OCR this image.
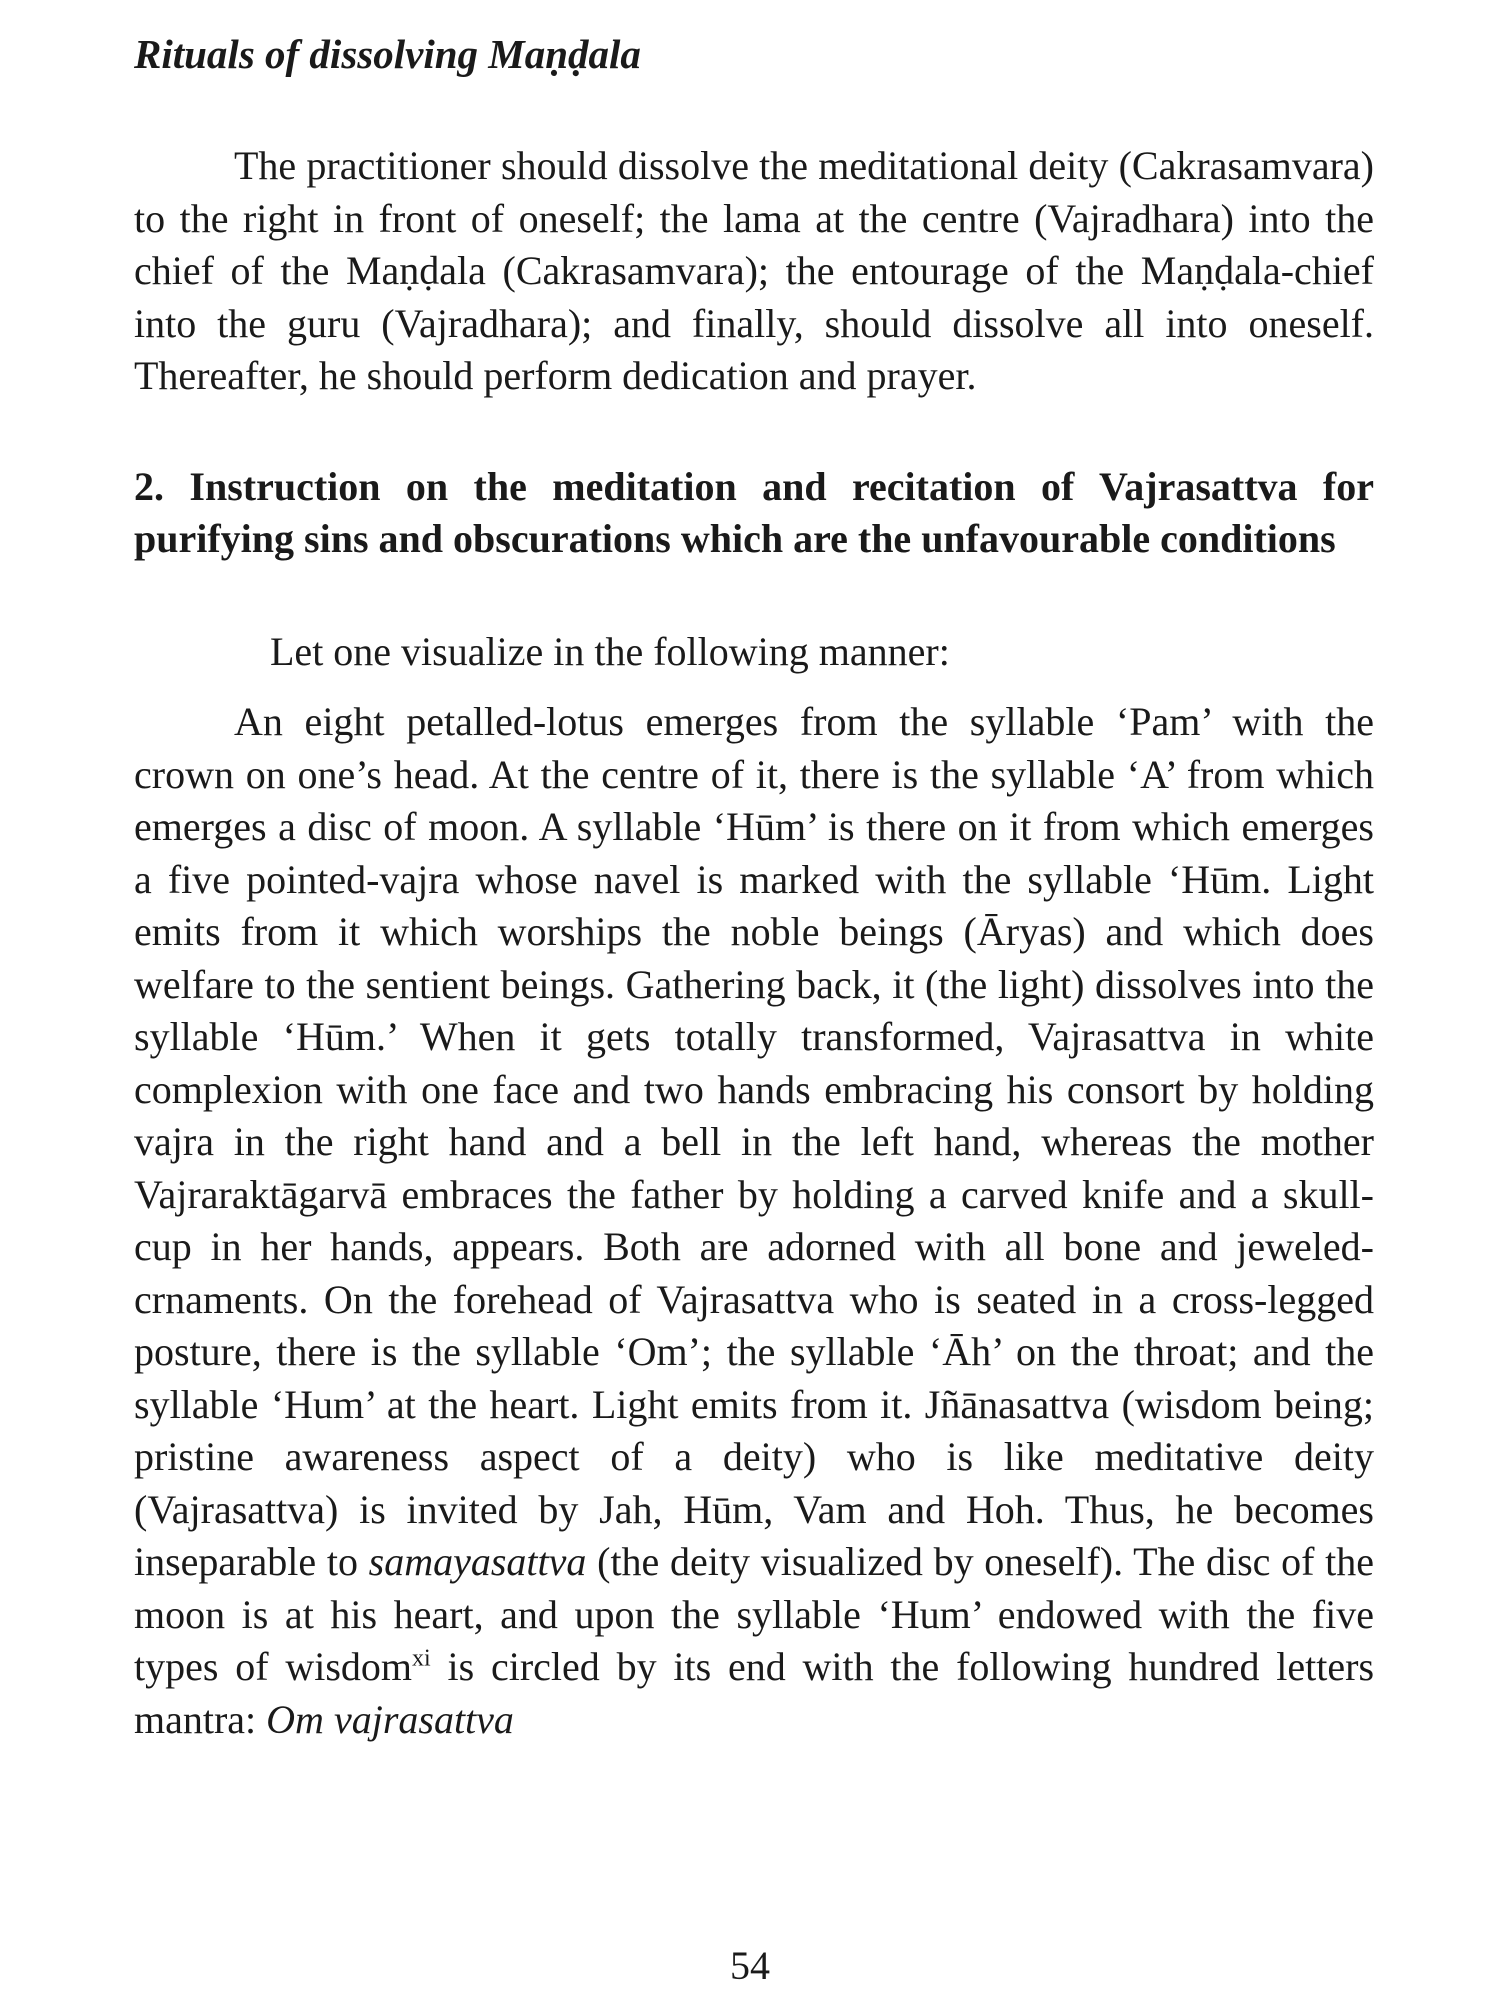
Rituals of dissolving Maṇḍala

The practitioner should dissolve the meditational deity (Cakrasamvara) to the right in front of oneself; the lama at the centre (Vajradhara) into the chief of the Maṇḍala (Cakrasamvara); the entourage of the Maṇḍala-chief into the guru (Vajradhara); and finally, should dissolve all into oneself. Thereafter, he should perform dedication and prayer.

2. Instruction on the meditation and recitation of Vajrasattva for purifying sins and obscurations which are the unfavourable conditions

Let one visualize in the following manner:

An eight petalled-lotus emerges from the syllable ‘Pam’ with the crown on one’s head. At the centre of it, there is the syllable ‘A’ from which emerges a disc of moon. A syllable ‘Hūm’ is there on it from which emerges a five pointed-vajra whose navel is marked with the syllable ‘Hūm. Light emits from it which worships the noble beings (Āryas) and which does welfare to the sentient beings. Gathering back, it (the light) dissolves into the syllable ‘Hūm.’ When it gets totally transformed, Vajrasattva in white complexion with one face and two hands embracing his consort by holding vajra in the right hand and a bell in the left hand, whereas the mother Vajraraktāgarvā embraces the father by holding a carved knife and a skull-cup in her hands, appears. Both are adorned with all bone and jeweled-crnaments. On the forehead of Vajrasattva who is seated in a cross-legged posture, there is the syllable ‘Om’; the syllable ‘Āh’ on the throat; and the syllable ‘Hum’ at the heart. Light emits from it. Jñānasattva (wisdom being; pristine awareness aspect of a deity) who is like meditative deity (Vajrasattva) is invited by Jah, Hūm, Vam and Hoh. Thus, he becomes inseparable to samayasattva (the deity visualized by oneself). The disc of the moon is at his heart, and upon the syllable ‘Hum’ endowed with the five types of wisdom$^{xi}$ is circled by its end with the following hundred letters mantra: Om vajrasattva

54
